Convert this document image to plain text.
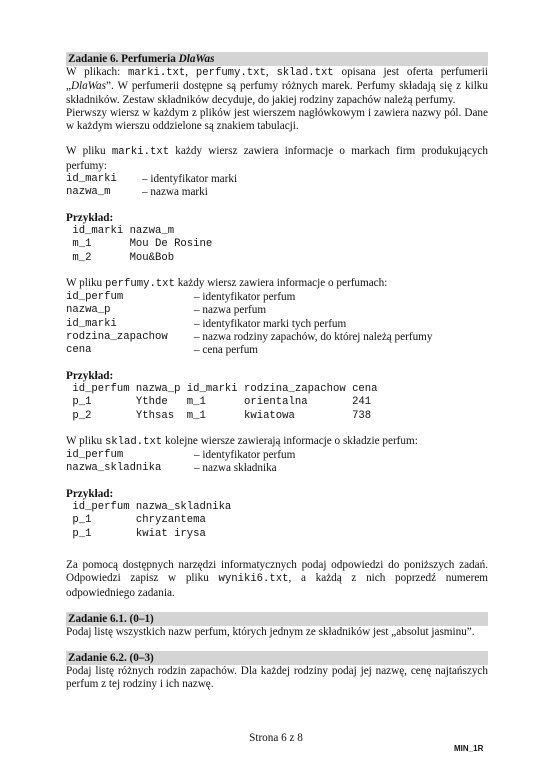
Zadanie 6. Perfumeria DlaWas

W plikach: marki.txt, perfumy.txt, sklad.txt opisana jest oferta perfumerii „DlaWas”. W perfumerii dostępne są perfumy różnych marek. Perfumy składają się z kilku składników. Zestaw składników decyduje, do jakiej rodziny zapachów należą perfumy.

Pierwszy wiersz w każdym z plików jest wierszem nagłówkowym i zawiera nazwy pól. Dane w każdym wierszu oddzielone są znakiem tabulacji.

W pliku marki.txt każdy wiersz zawiera informacje o markach firm produkujących perfumy:

id_marki	– identyfikator marki
nazwa_m	– nazwa marki

Przykład:

id_marki nazwa_m
m_1      Mou De Rosine
m_2      Mou&Bob

W pliku perfumy.txt każdy wiersz zawiera informacje o perfumach:

id_perfum	– identyfikator perfum
nazwa_p	– nazwa perfum
id_marki	– identyfikator marki tych perfum
rodzina_zapachow	– nazwa rodziny zapachów, do której należą perfumy
cena	– cena perfum

Przykład:

id_perfum nazwa_p id_marki rodzina_zapachow cena
p_1       Ythde   m_1      orientalna       241
p_2       Ythsas  m_1      kwiatowa         738

W pliku sklad.txt kolejne wiersze zawierają informacje o składzie perfum:

id_perfum	– identyfikator perfum
nazwa_skladnika	– nazwa składnika

Przykład:

id_perfum nazwa_skladnika
p_1       chryzantema
p_1       kwiat irysa

Za pomocą dostępnych narzędzi informatycznych podaj odpowiedzi do poniższych zadań. Odpowiedzi zapisz w pliku wyniki6.txt, a każdą z nich poprzedź numerem odpowiedniego zadania.

Zadanie 6.1. (0–1)

Podaj listę wszystkich nazw perfum, których jednym ze składników jest „absolut jasminu”.

Zadanie 6.2. (0–3)

Podaj listę różnych rodzin zapachów. Dla każdej rodziny podaj jej nazwę, cenę najtańszych perfum z tej rodziny i ich nazwę.

Strona 6 z 8
MIN_1R
